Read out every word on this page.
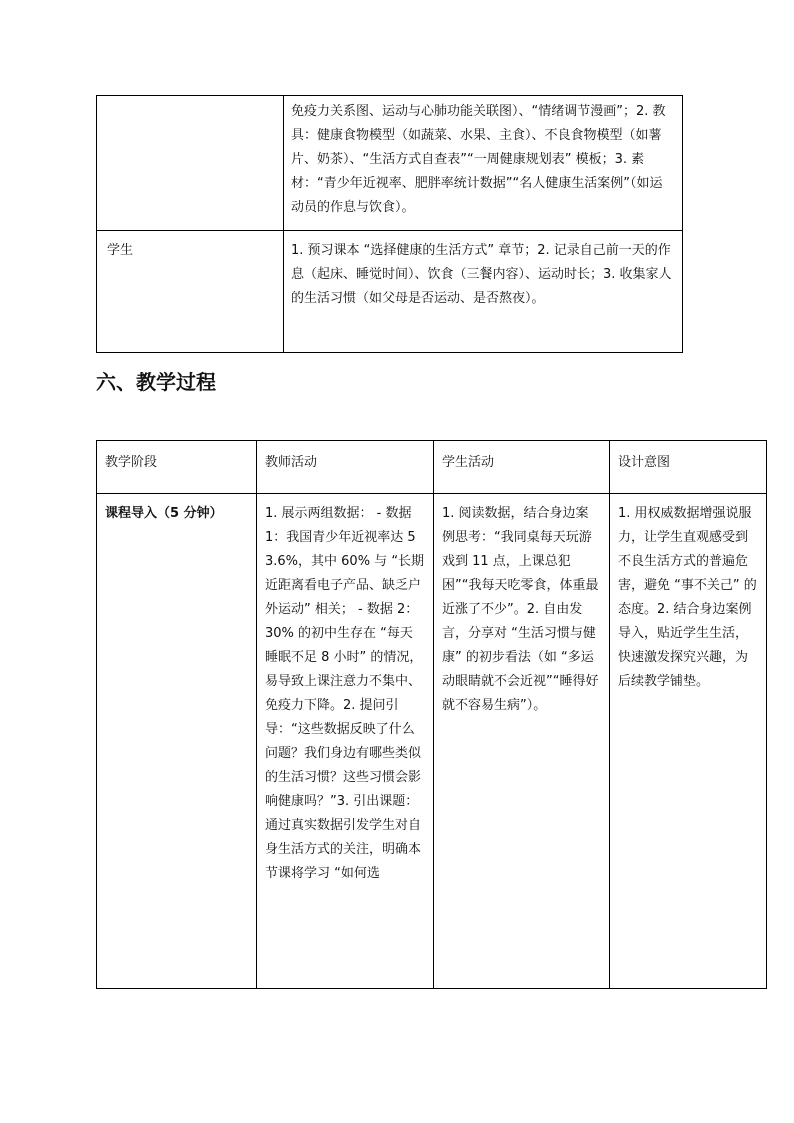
	免疫力关系图、运动与心肺功能关联图）、“情绪调节漫画”；2. 教具：健康食物模型（如蔬菜、水果、主食）、不良食物模型（如薯片、奶茶）、“生活方式自查表”“一周健康规划表” 模板；3. 素材：“青少年近视率、肥胖率统计数据”“名人健康生活案例”（如运动员的作息与饮食）。
学生	1. 预习课本 “选择健康的生活方式” 章节；2. 记录自己前一天的作息（起床、睡觉时间）、饮食（三餐内容）、运动时长；3. 收集家人的生活习惯（如父母是否运动、是否熬夜）。
六、教学过程
教学阶段	教师活动	学生活动	设计意图
课程导入（5 分钟）	1. 展示两组数据： - 数据 1：我国青少年近视率达 53.6%，其中 60% 与 “长期近距离看电子产品、缺乏户外运动” 相关； - 数据 2：30% 的初中生存在 “每天睡眠不足 8 小时” 的情况，易导致上课注意力不集中、免疫力下降。2. 提问引导：“这些数据反映了什么问题？我们身边有哪些类似的生活习惯？这些习惯会影响健康吗？”3. 引出课题：通过真实数据引发学生对自身生活方式的关注，明确本节课将学习 “如何选	1. 阅读数据，结合身边案例思考：“我同桌每天玩游戏到 11 点，上课总犯困”“我每天吃零食，体重最近涨了不少”。2. 自由发言，分享对 “生活习惯与健康” 的初步看法（如 “多运动眼睛就不会近视”“睡得好就不容易生病”）。	1. 用权威数据增强说服力，让学生直观感受到不良生活方式的普遍危害，避免 “事不关己” 的态度。2. 结合身边案例导入，贴近学生生活，快速激发探究兴趣，为后续教学铺垫。
